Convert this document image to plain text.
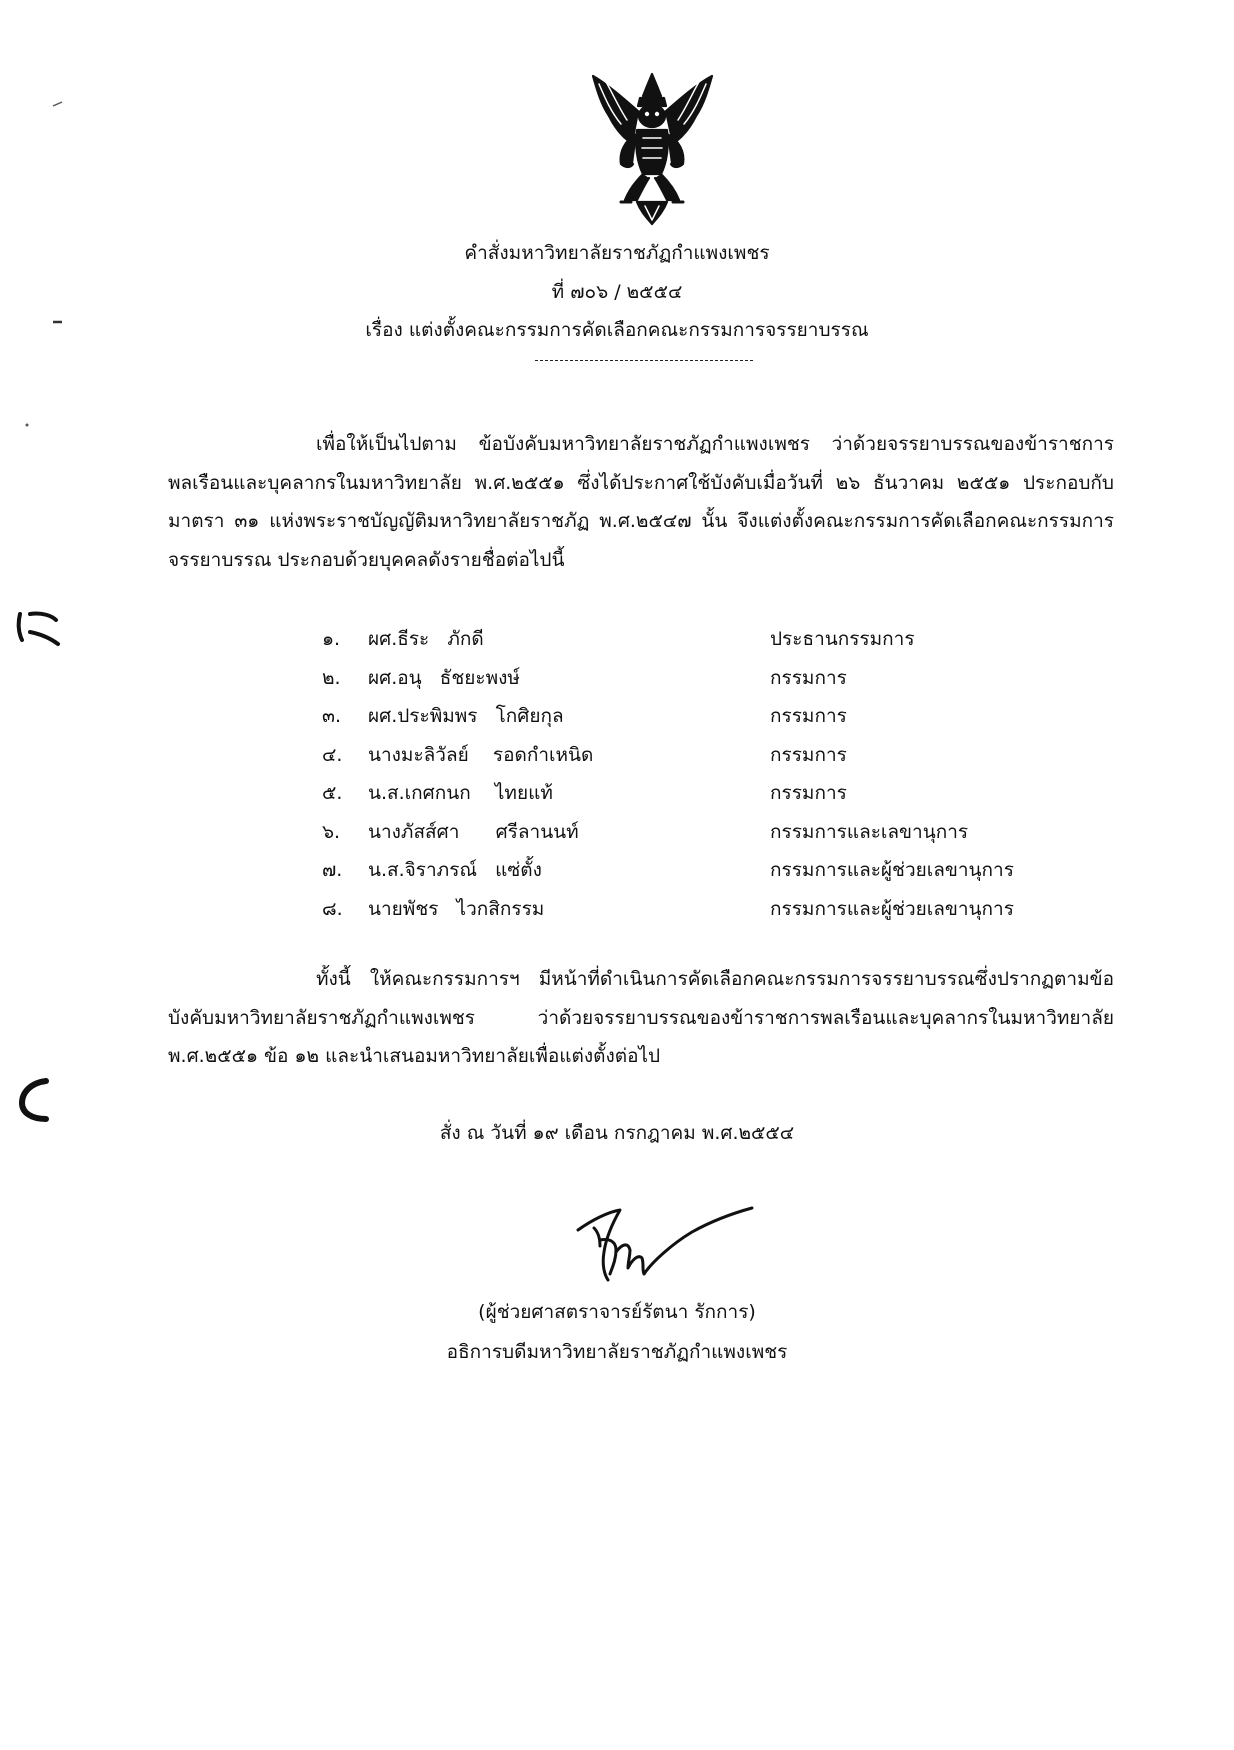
คำสั่งมหาวิทยาลัยราชภัฏกำแพงเพชร
ที่ ๗๐๖ / ๒๕๕๔
เรื่อง แต่งตั้งคณะกรรมการคัดเลือกคณะกรรมการจรรยาบรรณ
เพื่อให้เป็นไปตาม ข้อบังคับมหาวิทยาลัยราชภัฏกำแพงเพชร ว่าด้วยจรรยาบรรณของข้าราชการพลเรือนและบุคลากรในมหาวิทยาลัย พ.ศ.๒๕๕๑ ซึ่งได้ประกาศใช้บังคับเมื่อวันที่ ๒๖ ธันวาคม ๒๕๕๑ ประกอบกับมาตรา ๓๑ แห่งพระราชบัญญัติมหาวิทยาลัยราชภัฏ พ.ศ.๒๕๔๗ นั้น จึงแต่งตั้งคณะกรรมการคัดเลือกคณะกรรมการจรรยาบรรณ ประกอบด้วยบุคคลดังรายชื่อต่อไปนี้
๑.	ผศ.ธีระ   ภักดี	ประธานกรรมการ
๒.	ผศ.อนุ   ธัชยะพงษ์	กรรมการ
๓.	ผศ.ประพิมพร   โกศิยกุล	กรรมการ
๔.	นางมะลิวัลย์    รอดกำเหนิด	กรรมการ
๕.	น.ส.เกศกนก    ไทยแท้	กรรมการ
๖.	นางภัสส์ศา      ศรีลานนท์	กรรมการและเลขานุการ
๗.	น.ส.จิราภรณ์   แซ่ตั้ง	กรรมการและผู้ช่วยเลขานุการ
๘.	นายพัชร   ไวกสิกรรม	กรรมการและผู้ช่วยเลขานุการ
ทั้งนี้ ให้คณะกรรมการฯ มีหน้าที่ดำเนินการคัดเลือกคณะกรรมการจรรยาบรรณซึ่งปรากฏตามข้อบังคับมหาวิทยาลัยราชภัฏกำแพงเพชร ว่าด้วยจรรยาบรรณของข้าราชการพลเรือนและบุคลากรในมหาวิทยาลัย พ.ศ.๒๕๕๑ ข้อ ๑๒ และนำเสนอมหาวิทยาลัยเพื่อแต่งตั้งต่อไป
สั่ง ณ วันที่ ๑๙ เดือน กรกฎาคม พ.ศ.๒๕๕๔
(ผู้ช่วยศาสตราจารย์รัตนา รักการ)
อธิการบดีมหาวิทยาลัยราชภัฏกำแพงเพชร
